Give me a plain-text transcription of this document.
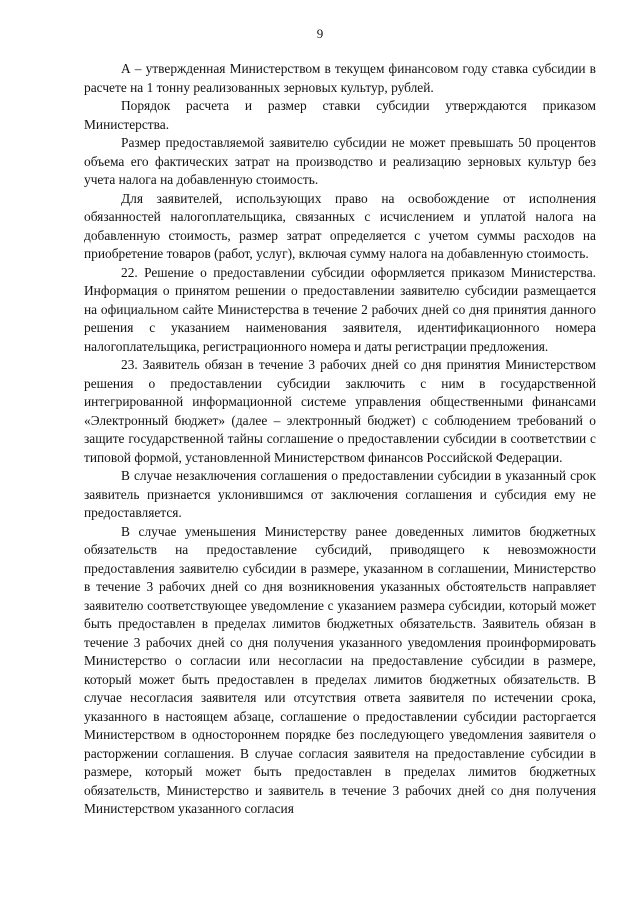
9

А – утвержденная Министерством в текущем финансовом году ставка субсидии в расчете на 1 тонну реализованных зерновых культур, рублей.

Порядок расчета и размер ставки субсидии утверждаются приказом Министерства.

Размер предоставляемой заявителю субсидии не может превышать 50 процентов объема его фактических затрат на производство и реализацию зерновых культур без учета налога на добавленную стоимость.

Для заявителей, использующих право на освобождение от исполнения обязанностей налогоплательщика, связанных с исчислением и уплатой налога на добавленную стоимость, размер затрат определяется с учетом суммы расходов на приобретение товаров (работ, услуг), включая сумму налога на добавленную стоимость.

22. Решение о предоставлении субсидии оформляется приказом Министерства. Информация о принятом решении о предоставлении заявителю субсидии размещается на официальном сайте Министерства в течение 2 рабочих дней со дня принятия данного решения с указанием наименования заявителя, идентификационного номера налогоплательщика, регистрационного номера и даты регистрации предложения.

23. Заявитель обязан в течение 3 рабочих дней со дня принятия Министерством решения о предоставлении субсидии заключить с ним в государственной интегрированной информационной системе управления общественными финансами «Электронный бюджет» (далее – электронный бюджет) с соблюдением требований о защите государственной тайны соглашение о предоставлении субсидии в соответствии с типовой формой, установленной Министерством финансов Российской Федерации.

В случае незаключения соглашения о предоставлении субсидии в указанный срок заявитель признается уклонившимся от заключения соглашения и субсидия ему не предоставляется.

В случае уменьшения Министерству ранее доведенных лимитов бюджетных обязательств на предоставление субсидий, приводящего к невозможности предоставления заявителю субсидии в размере, указанном в соглашении, Министерство в течение 3 рабочих дней со дня возникновения указанных обстоятельств направляет заявителю соответствующее уведомление с указанием размера субсидии, который может быть предоставлен в пределах лимитов бюджетных обязательств. Заявитель обязан в течение 3 рабочих дней со дня получения указанного уведомления проинформировать Министерство о согласии или несогласии на предоставление субсидии в размере, который может быть предоставлен в пределах лимитов бюджетных обязательств. В случае несогласия заявителя или отсутствия ответа заявителя по истечении срока, указанного в настоящем абзаце, соглашение о предоставлении субсидии расторгается Министерством в одностороннем порядке без последующего уведомления заявителя о расторжении соглашения. В случае согласия заявителя на предоставление субсидии в размере, который может быть предоставлен в пределах лимитов бюджетных обязательств, Министерство и заявитель в течение 3 рабочих дней со дня получения Министерством указанного согласия
